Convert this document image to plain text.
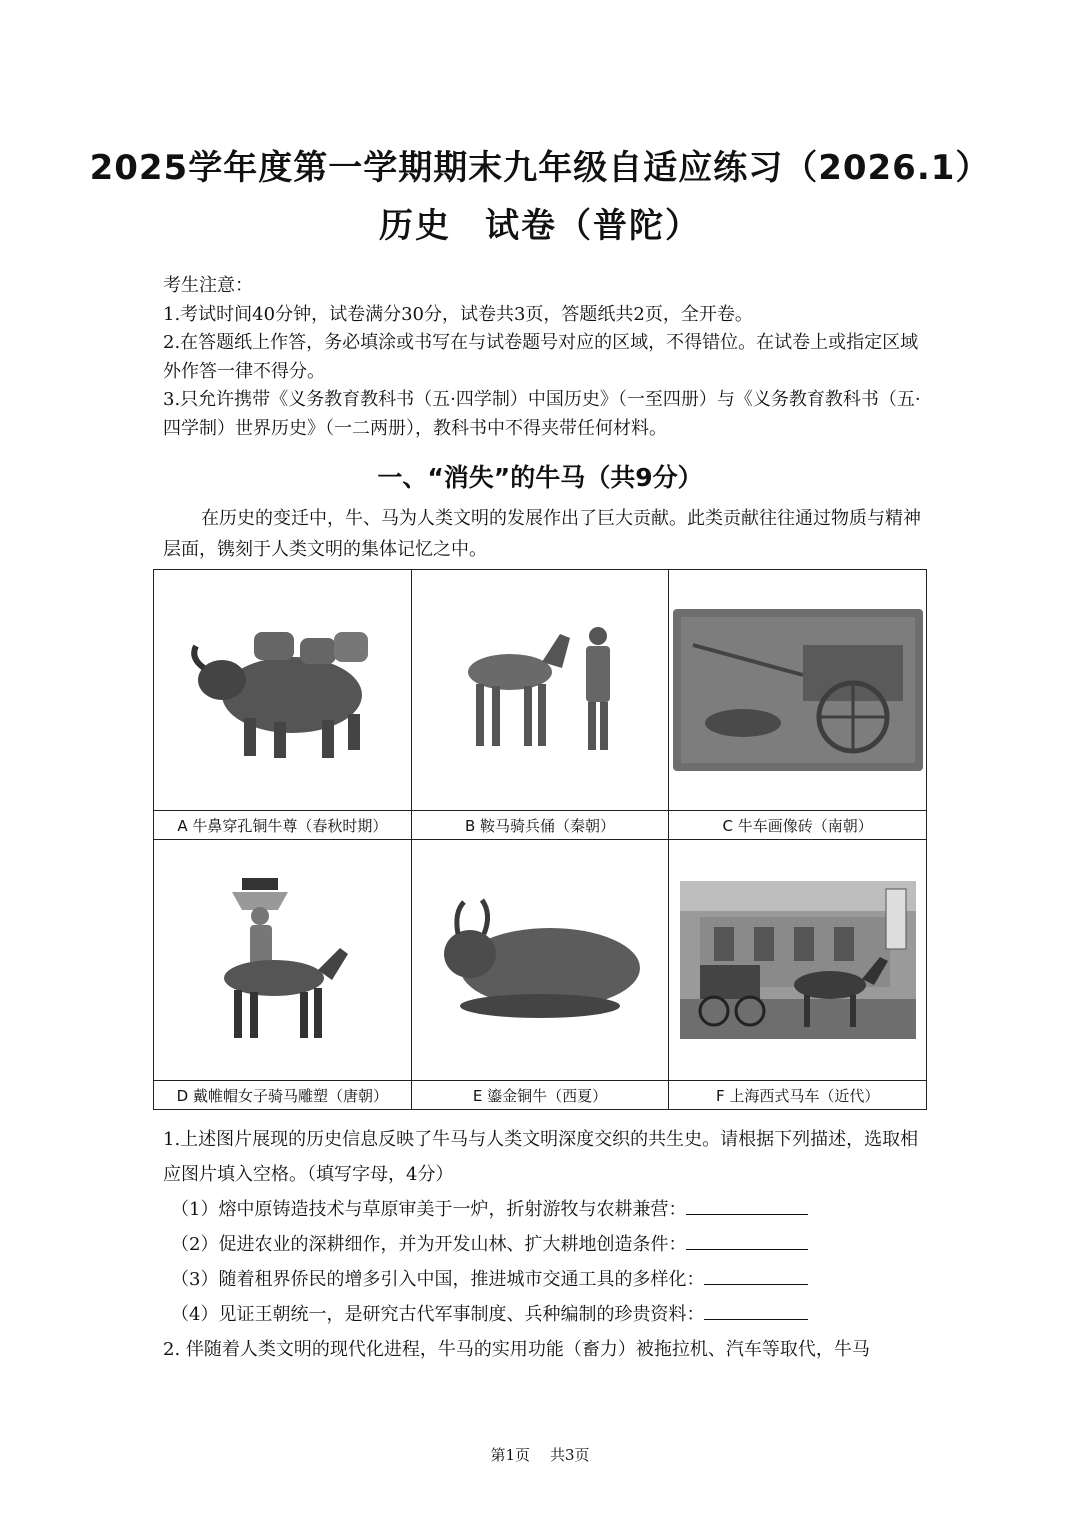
2025学年度第一学期期末九年级自适应练习（2026.1）
历史 试卷（普陀）

考生注意：

1.考试时间40分钟，试卷满分30分，试卷共3页，答题纸共2页，全开卷。

2.在答题纸上作答，务必填涂或书写在与试卷题号对应的区域，不得错位。在试卷上或指定区域外作答一律不得分。

3.只允许携带《义务教育教科书（五·四学制）中国历史》（一至四册）与《义务教育教科书（五·四学制）世界历史》（一二两册），教科书中不得夹带任何材料。

一、“消失”的牛马（共9分）

在历史的变迁中，牛、马为人类文明的发展作出了巨大贡献。此类贡献往往通过物质与精神层面，镌刻于人类文明的集体记忆之中。

A 牛鼻穿孔铜牛尊（春秋时期）	B 鞍马骑兵俑（秦朝）	C 牛车画像砖（南朝）

D 戴帷帽女子骑马雕塑（唐朝）	E 鎏金铜牛（西夏）	F 上海西式马车（近代）

1.上述图片展现的历史信息反映了牛马与人类文明深度交织的共生史。请根据下列描述，选取相应图片填入空格。（填写字母，4分）

（1）熔中原铸造技术与草原审美于一炉，折射游牧与农耕兼营：

（2）促进农业的深耕细作，并为开发山林、扩大耕地创造条件：

（3）随着租界侨民的增多引入中国，推进城市交通工具的多样化：

（4）见证王朝统一，是研究古代军事制度、兵种编制的珍贵资料：

2. 伴随着人类文明的现代化进程，牛马的实用功能（畜力）被拖拉机、汽车等取代，牛马

第1页 共3页
